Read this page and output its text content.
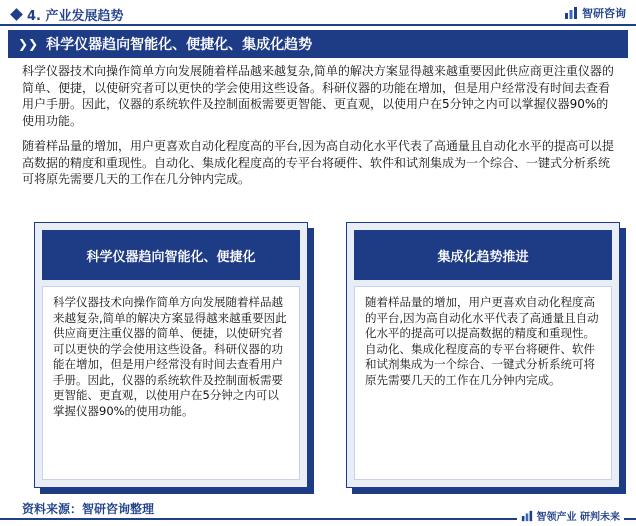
4. 产业发展趋势	智研咨询
❯❯ 科学仪器趋向智能化、便捷化、集成化趋势

科学仪器技术向操作简单方向发展随着样品越来越复杂,简单的解决方案显得越来越重要因此供应商更注重仪器的简单、便捷，以使研究者可以更快的学会使用这些设备。科研仪器的功能在增加，但是用户经常没有时间去查看用户手册。因此，仪器的系统软件及控制面板需要更智能、更直观，以使用户在5分钟之内可以掌握仪器90%的使用功能。

随着样品量的增加，用户更喜欢自动化程度高的平台,因为高自动化水平代表了高通量且自动化水平的提高可以提高数据的精度和重现性。自动化、集成化程度高的专平台将硬件、软件和试剂集成为一个综合、一键式分析系统可将原先需要几天的工作在几分钟内完成。

科学仪器趋向智能化、便捷化
科学仪器技术向操作简单方向发展随着样品越来越复杂,简单的解决方案显得越来越重要因此供应商更注重仪器的简单、便捷，以使研究者可以更快的学会使用这些设备。科研仪器的功能在增加，但是用户经常没有时间去查看用户手册。因此，仪器的系统软件及控制面板需要更智能、更直观，以使用户在5分钟之内可以掌握仪器90%的使用功能。
集成化趋势推进
随着样品量的增加，用户更喜欢自动化程度高的平台,因为高自动化水平代表了高通量且自动化水平的提高可以提高数据的精度和重现性。自动化、集成化程度高的专平台将硬件、软件和试剂集成为一个综合、一键式分析系统可将原先需要几天的工作在几分钟内完成。
资料来源：智研咨询整理
智领产业 研判未来
